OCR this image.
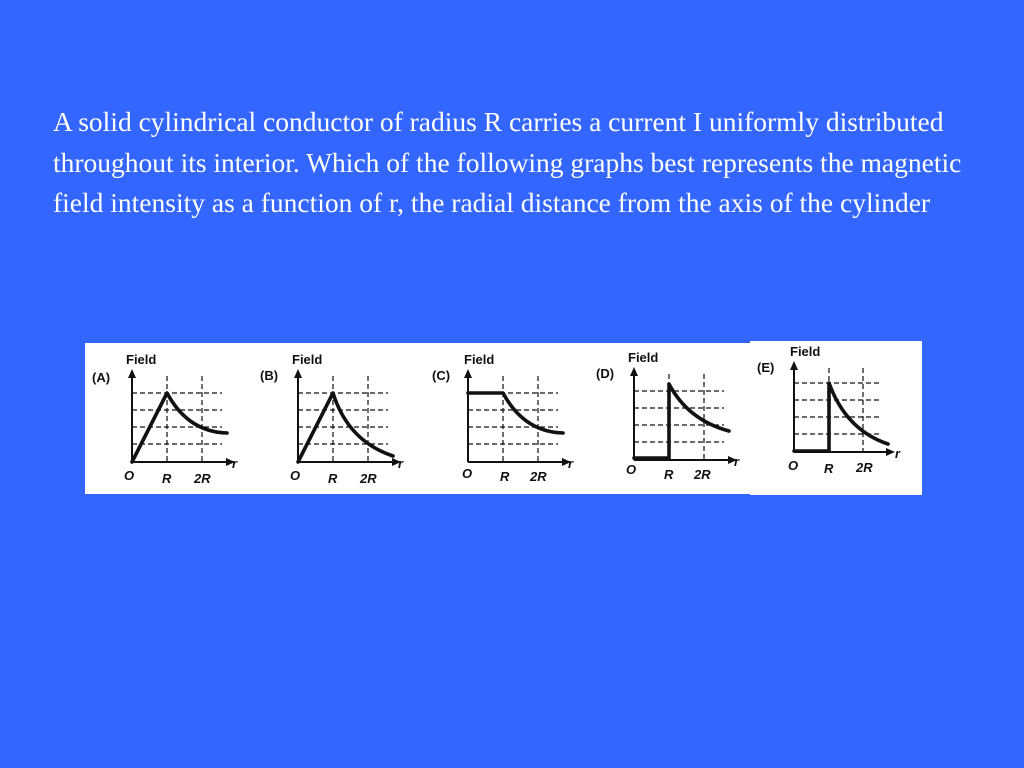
A solid cylindrical conductor of radius R carries a current I uniformly distributed throughout its interior. Which of the following graphs best represents the magnetic field intensity as a function of r, the radial distance from the axis of the cylinder

Field
(A)
r
O R 2R
Field
(B)
r
O R 2R
Field
(C)
r
O R 2R
Field
(D)
r
O R 2R
Field
(E)
r
O R 2R
